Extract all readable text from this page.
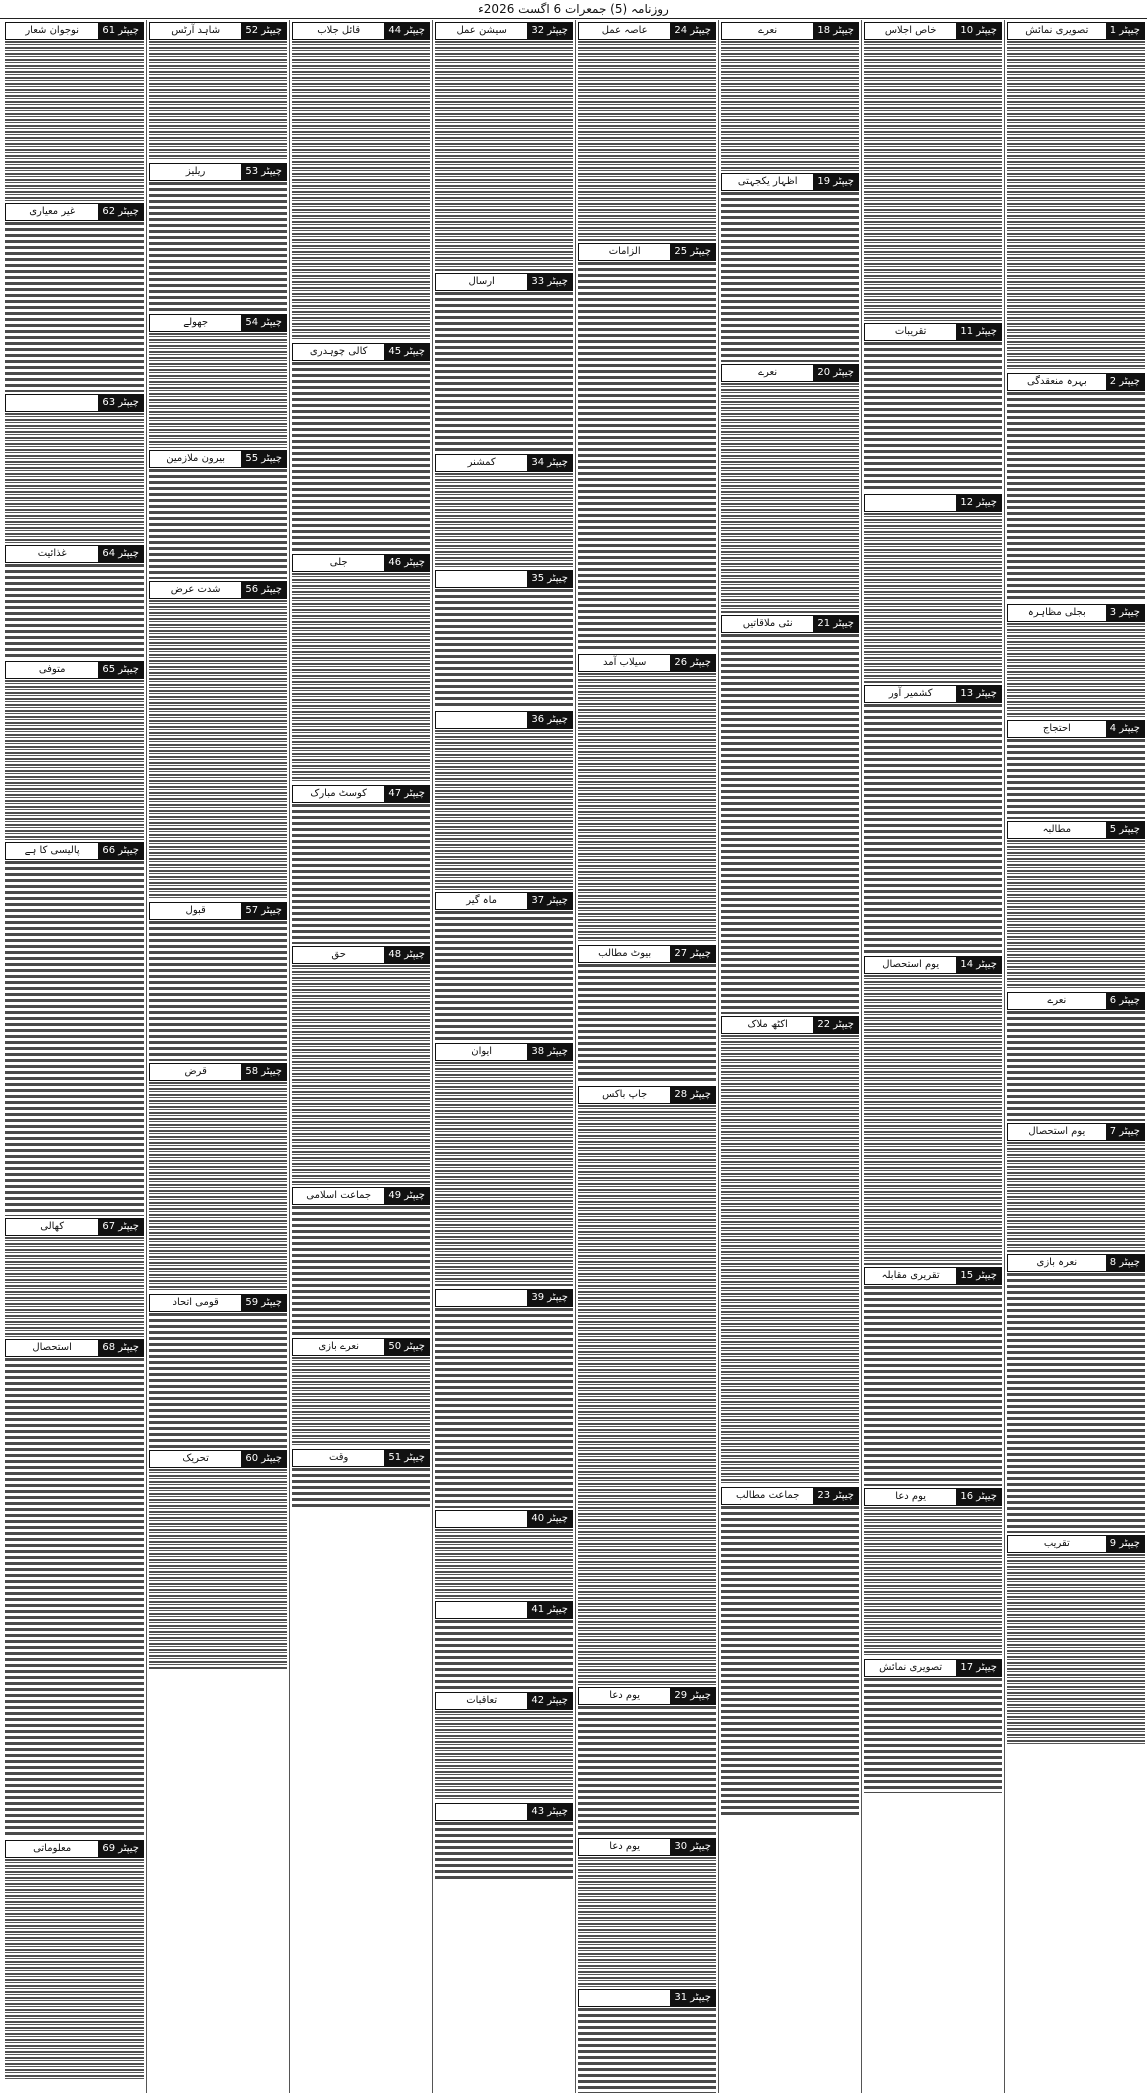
روزنامہ (5) جمعرات 6 اگست 2026ء
چیپٹر 1
تصویری نمائش
چیپٹر 2
بہرہ منعقدگی
چیپٹر 3
بجلی مظاہرہ
چیپٹر 4
احتجاج
چیپٹر 5
مطالبہ
چیپٹر 6
نعرے
چیپٹر 7
یوم استحصال
چیپٹر 8
نعرہ بازی
چیپٹر 9
تقریب
چیپٹر 10
خاص اجلاس
چیپٹر 11
تقریبات
چیپٹر 12
چیپٹر 13
کشمیر آور
چیپٹر 14
یوم استحصال
چیپٹر 15
تقریری مقابلہ
چیپٹر 16
یوم دعا
چیپٹر 17
تصویری نمائش
چیپٹر 18
نعرے
چیپٹر 19
اظہار یکجہتی
چیپٹر 20
نعرے
چیپٹر 21
نئی ملاقاتیں
چیپٹر 22
اکٹھ ملاک
چیپٹر 23
جماعت مطالب
چیپٹر 24
عاصہ عمل
چیپٹر 25
الزامات
چیپٹر 26
سیلاب آمد
چیپٹر 27
بیوٹ مطالب
چیپٹر 28
جاپ باکس
چیپٹر 29
یوم دعا
چیپٹر 30
یوم دعا
چیپٹر 31
چیپٹر 32
سیشن عمل
چیپٹر 33
ارسال
چیپٹر 34
کمشنر
چیپٹر 35
چیپٹر 36
چیپٹر 37
ماہ گیر
چیپٹر 38
ایوان
چیپٹر 39
چیپٹر 40
چیپٹر 41
چیپٹر 42
تعاقبات
چیپٹر 43
چیپٹر 44
قائل جلاب
چیپٹر 45
کالی چوہدری
چیپٹر 46
جلی
چیپٹر 47
کوسٹ مبارک
چیپٹر 48
حق
چیپٹر 49
جماعت اسلامی
چیپٹر 50
نعرے بازی
چیپٹر 51
وقت
چیپٹر 52
شاہد آرٹس
چیپٹر 53
ریلیز
چیپٹر 54
جھولے
چیپٹر 55
بیرون ملازمین
چیپٹر 56
شدت عرض
چیپٹر 57
قبول
چیپٹر 58
قرض
چیپٹر 59
قومی اتحاد
چیپٹر 60
تحریک
چیپٹر 61
نوجوان شعار
چیپٹر 62
غیر معیاری
چیپٹر 63
چیپٹر 64
غذائیت
چیپٹر 65
متوفی
چیپٹر 66
پالیسی کا ہے
چیپٹر 67
کھالی
چیپٹر 68
استحصال
چیپٹر 69
معلوماتی
